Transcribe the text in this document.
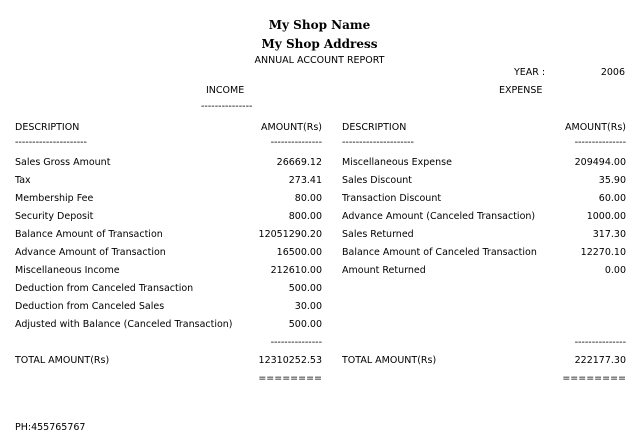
My Shop Name
My Shop Address
ANNUAL ACCOUNT REPORT
YEAR :	2006
INCOME
---------------
EXPENSE
DESCRIPTION	AMOUNT(Rs)
---------------------	---------------
DESCRIPTION	AMOUNT(Rs)
---------------------	---------------
Sales Gross Amount	26669.12
Tax	273.41
Membership Fee	80.00
Security Deposit	800.00
Balance Amount of Transaction	12051290.20
Advance Amount of Transaction	16500.00
Miscellaneous Income	212610.00
Deduction from Canceled Transaction	500.00
Deduction from Canceled Sales	30.00
Adjusted with Balance (Canceled Transaction)	500.00
Miscellaneous Expense	209494.00
Sales Discount	35.90
Transaction Discount	60.00
Advance Amount (Canceled Transaction)	1000.00
Sales Returned	317.30
Balance Amount of Canceled Transaction	12270.10
Amount Returned	0.00
---------------
TOTAL AMOUNT(Rs)	12310252.53
========
---------------
TOTAL AMOUNT(Rs)	222177.30
========
PH:455765767
